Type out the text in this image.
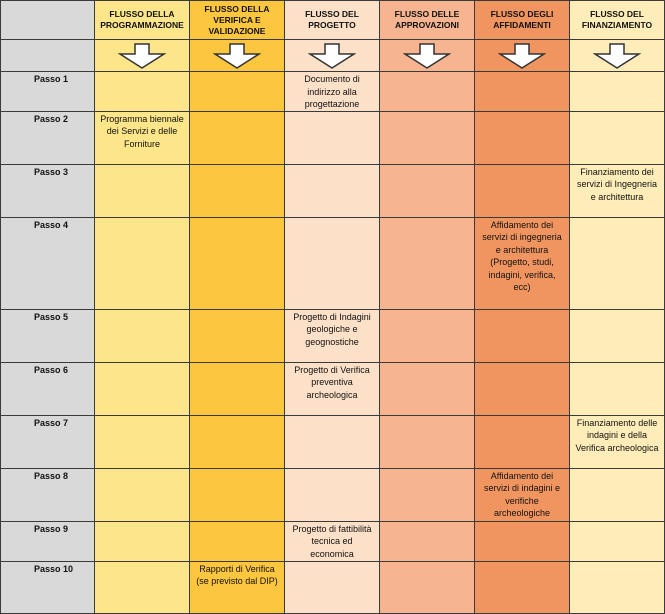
	FLUSSO DELLA PROGRAMMAZIONE	FLUSSO DELLA VERIFICA E VALIDAZIONE	FLUSSO DEL PROGETTO	FLUSSO DELLE APPROVAZIONI	FLUSSO DEGLI AFFIDAMENTI	FLUSSO DEL FINANZIAMENTO

Passo 1			Documento di indirizzo alla progettazione			
Passo 2	Programma biennale dei Servizi e delle Forniture					
Passo 3						Finanziamento dei servizi di Ingegneria e architettura
Passo 4					Affidamento dei servizi di ingegneria e architettura (Progetto, studi, indagini, verifica, ecc)	
Passo 5			Progetto di Indagini geologiche e geognostiche			
Passo 6			Progetto di Verifica preventiva archeologica			
Passo 7						Finanziamento delle indagini e della Verifica archeologica
Passo 8					Affidamento dei servizi di indagini e verifiche archeologiche	
Passo 9			Progetto di fattibilità tecnica ed economica			
Passo 10		Rapporti di Verifica (se previsto dal DIP)				
